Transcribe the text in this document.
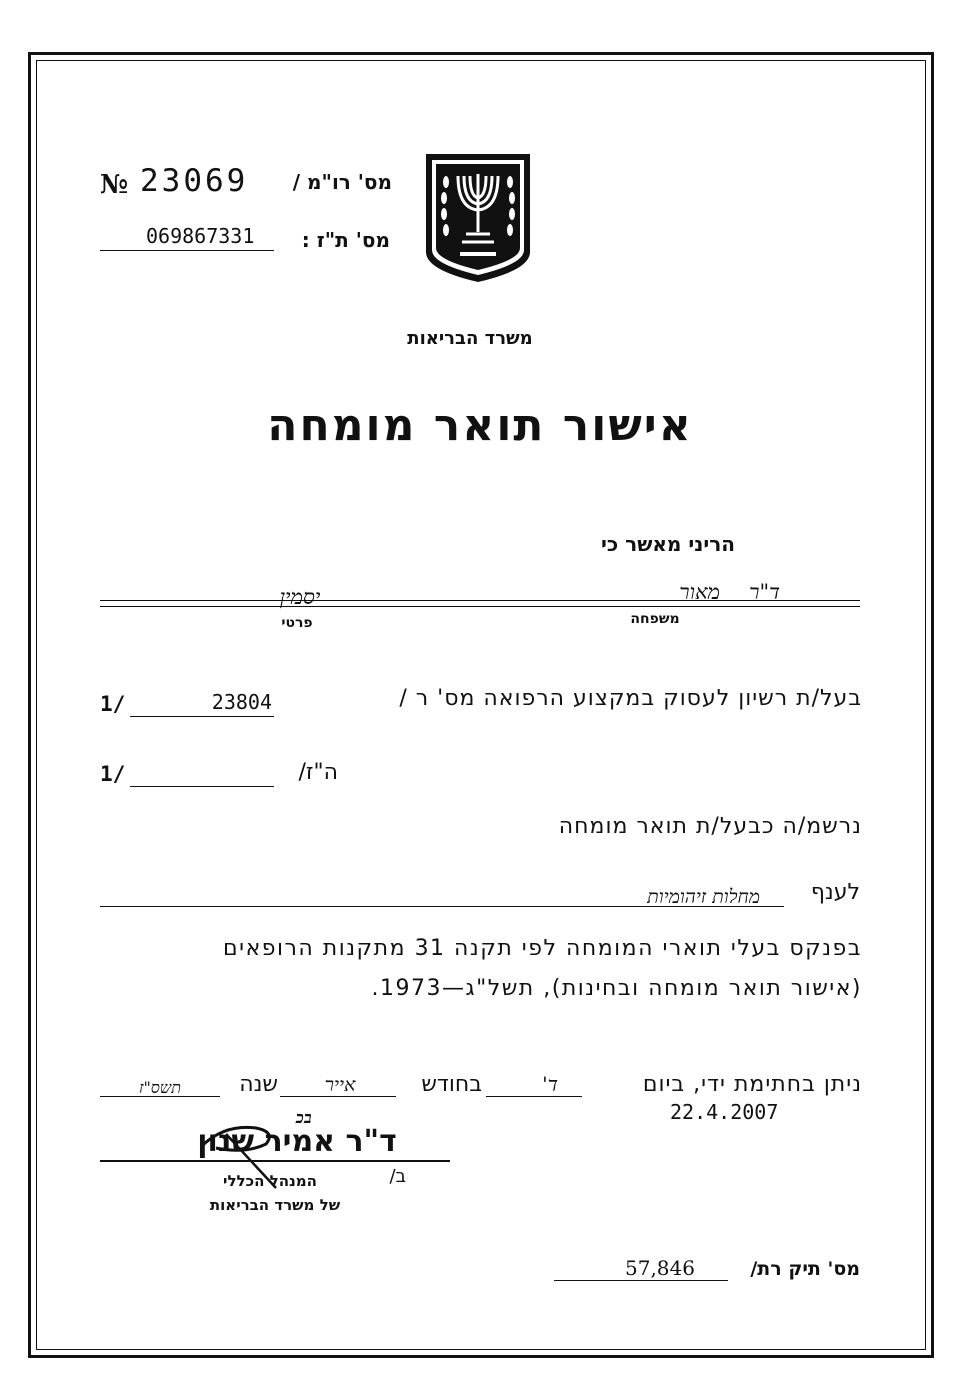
№ 23069	מס' רו"מ /
069867331	מס' ת"ז :
משרד הבריאות
אישור תואר מומחה
הריני מאשר כי
ד"ר
מאור
יסמין
משפחה
פרטי
בעל/ת רשיון לעסוק במקצוע הרפואה מס' ר /
23804
1/
ה"ז/
1/
נרשמ/ה כבעל/ת תואר מומחה
לענף
מחלות זיהומיות
בפנקס בעלי תוארי המומחה לפי תקנה 31 מתקנות הרופאים
(אישור תואר מומחה ובחינות), תשל"ג—1973.
ניתן בחתימת ידי, ביום
ד'
בחודש
אייר
שנה
תשס"ז
22.4.2007
בכ
ד"ר אמיר שנון
ב/
המנהל הכללי
של משרד הבריאות
מס' תיק רת/
57,846
